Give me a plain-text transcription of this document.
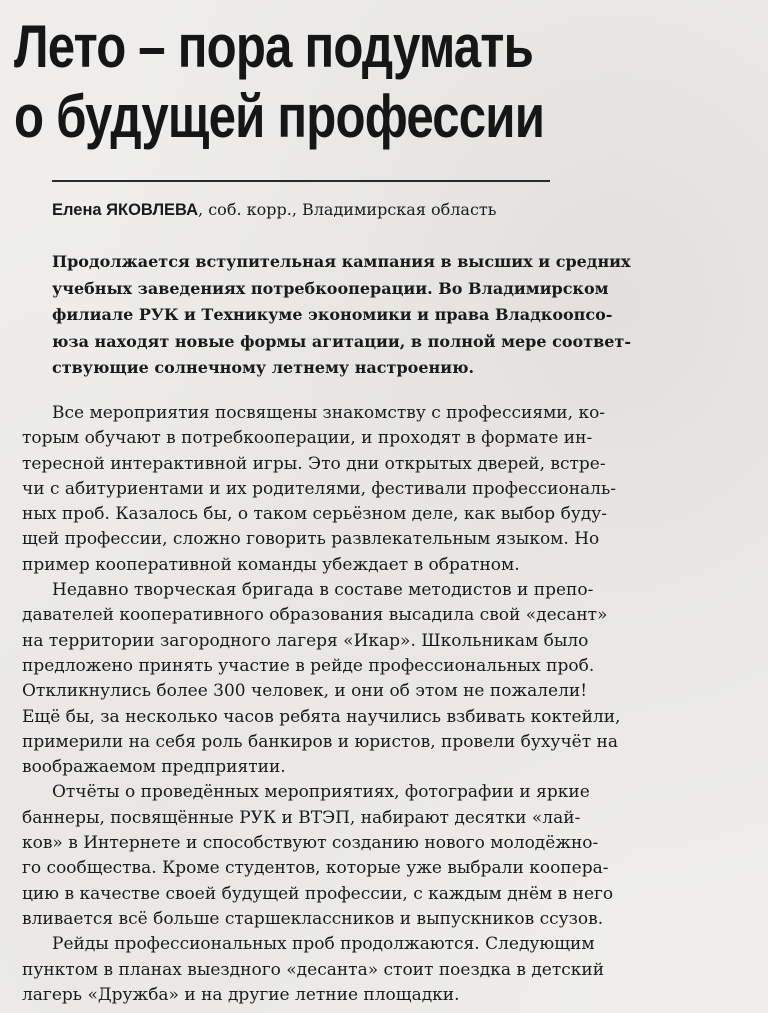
Лето – пора подумать
о будущей профессии
Елена ЯКОВЛЕВА, соб. корр., Владимирская область
Продолжается вступительная кампания в высших и средних
учебных заведениях потребкооперации. Во Владимирском
филиале РУК и Техникуме экономики и права Владкоопсо-
юза находят новые формы агитации, в полной мере соответ-
ствующие солнечному летнему настроению.

Все мероприятия посвящены знакомству с профессиями, ко-
торым обучают в потребкооперации, и проходят в формате ин-
тересной интерактивной игры. Это дни открытых дверей, встре-
чи с абитуриентами и их родителями, фестивали профессиональ-
ных проб. Казалось бы, о таком серьёзном деле, как выбор буду-
щей профессии, сложно говорить развлекательным языком. Но
пример кооперативной команды убеждает в обратном.

Недавно творческая бригада в составе методистов и препо-
давателей кооперативного образования высадила свой «десант»
на территории загородного лагеря «Икар». Школьникам было
предложено принять участие в рейде профессиональных проб.
Откликнулись более 300 человек, и они об этом не пожалели!
Ещё бы, за несколько часов ребята научились взбивать коктейли,
примерили на себя роль банкиров и юристов, провели бухучёт на
воображаемом предприятии.

Отчёты о проведённых мероприятиях, фотографии и яркие
баннеры, посвящённые РУК и ВТЭП, набирают десятки «лай-
ков» в Интернете и способствуют созданию нового молодёжно-
го сообщества. Кроме студентов, которые уже выбрали коопера-
цию в качестве своей будущей профессии, с каждым днём в него
вливается всё больше старшеклассников и выпускников ссузов.

Рейды профессиональных проб продолжаются. Следующим
пунктом в планах выездного «десанта» стоит поездка в детский
лагерь «Дружба» и на другие летние площадки.
